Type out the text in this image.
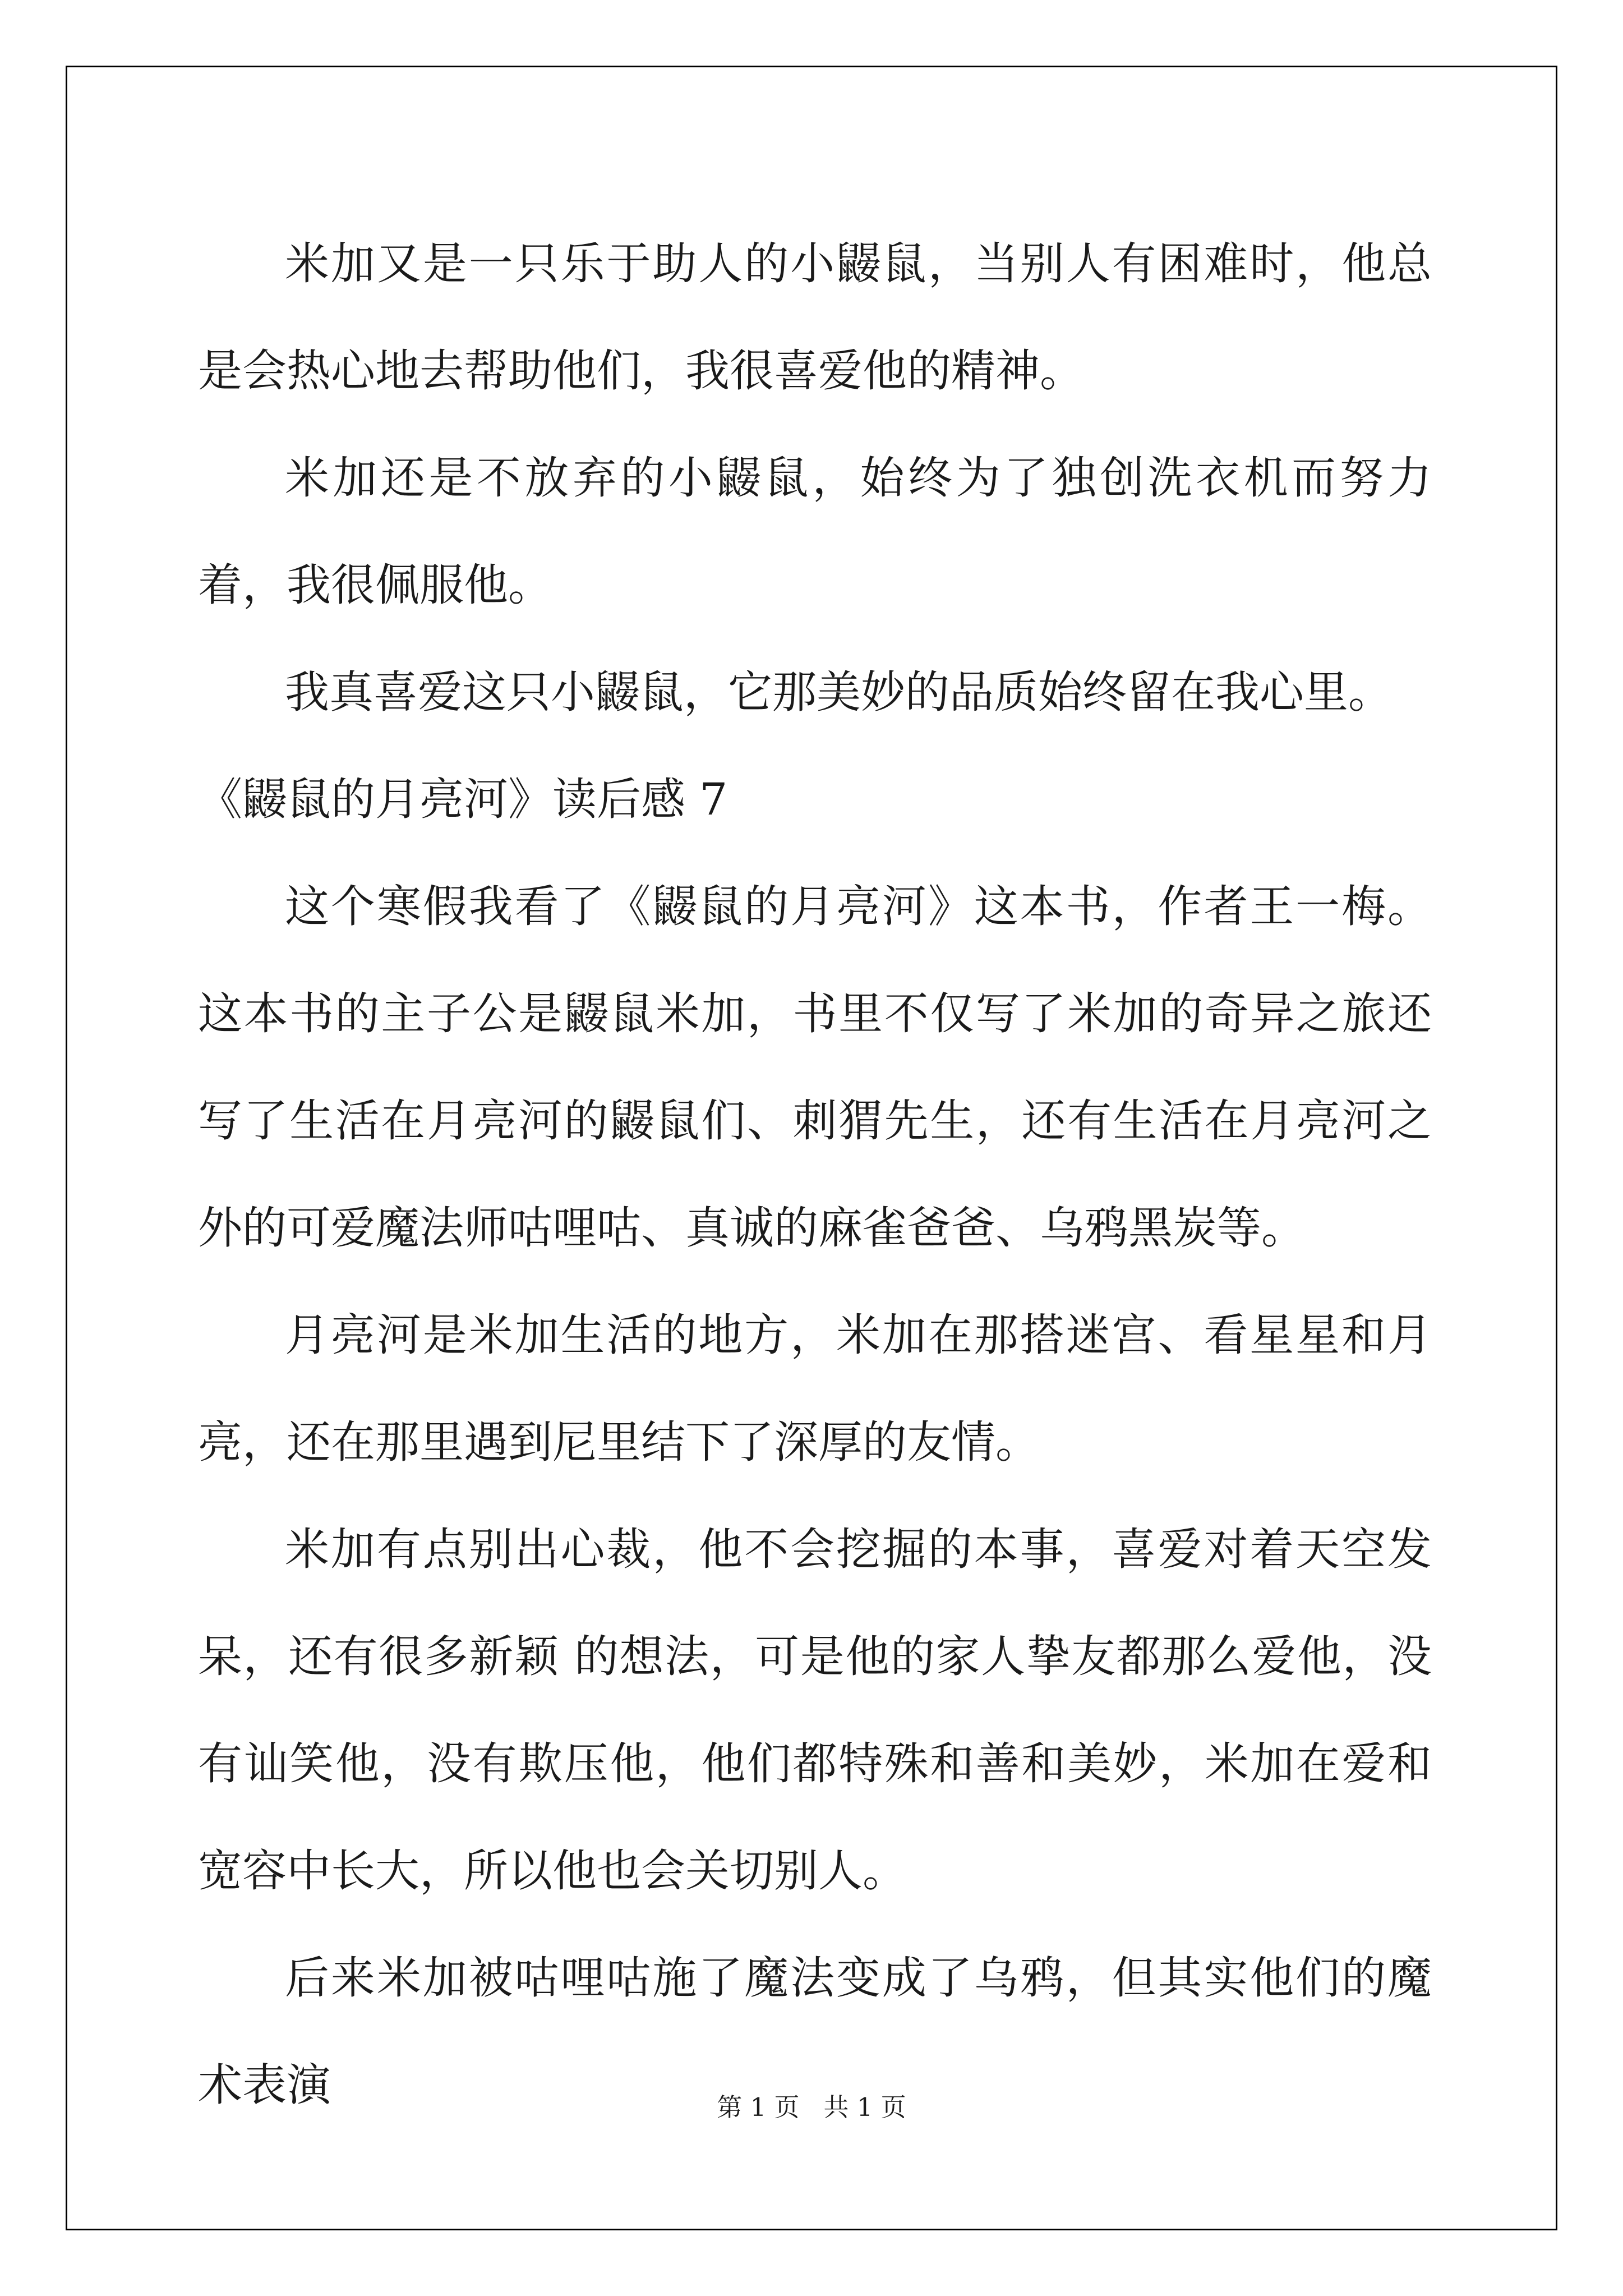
米加又是一只乐于助人的小鼹鼠，当别人有困难时，他总是会热心地去帮助他们，我很喜爱他的精神。

米加还是不放弃的小鼹鼠，始终为了独创洗衣机而努力着，我很佩服他。

我真喜爱这只小鼹鼠，它那美妙的品质始终留在我心里。

《鼹鼠的月亮河》读后感 7

这个寒假我看了《鼹鼠的月亮河》这本书，作者王一梅。这本书的主子公是鼹鼠米加，书里不仅写了米加的奇异之旅还写了生活在月亮河的鼹鼠们、刺猬先生，还有生活在月亮河之外的可爱魔法师咕哩咕、真诚的麻雀爸爸、乌鸦黑炭等。

月亮河是米加生活的地方，米加在那搭迷宫、看星星和月亮，还在那里遇到尼里结下了深厚的友情。

米加有点别出心裁，他不会挖掘的本事，喜爱对着天空发呆，还有很多新颖 的想法，可是他的家人挚友都那么爱他，没有讪笑他，没有欺压他，他们都特殊和善和美妙，米加在爱和宽容中长大，所以他也会关切别人。

后来米加被咕哩咕施了魔法变成了乌鸦，但其实他们的魔术表演	第 1 页   共 1 页
